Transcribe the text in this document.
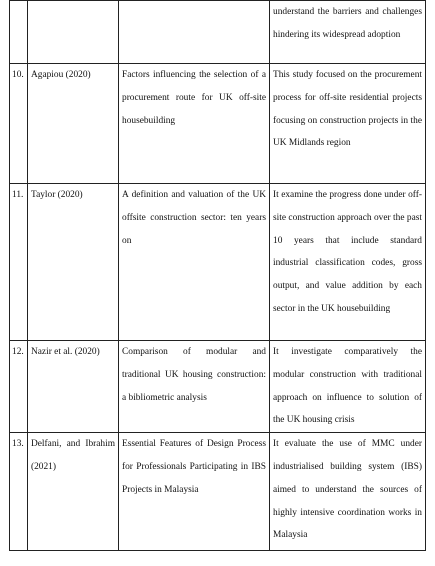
			understand the barriers and challenges hindering its widespread adoption
10.	Agapiou (2020)	Factors influencing the selection of a procurement route for UK off-site housebuilding	This study focused on the procurement process for off-site residential projects focusing on construction projects in the UK Midlands region
11.	Taylor (2020)	A definition and valuation of the UK offsite construction sector: ten years on	It examine the progress done under off-site construction approach over the past 10 years that include standard industrial classification codes, gross output, and value addition by each sector in the UK housebuilding
12.	Nazir et al. (2020)	Comparison of modular and traditional UK housing construction: a bibliometric analysis	It investigate comparatively the modular construction with traditional approach on influence to solution of the UK housing crisis
13.	Delfani, and Ibrahim (2021)	Essential Features of Design Process for Professionals Participating in IBS Projects in Malaysia	It evaluate the use of MMC under industrialised building system (IBS) aimed to understand the sources of highly intensive coordination works in Malaysia
